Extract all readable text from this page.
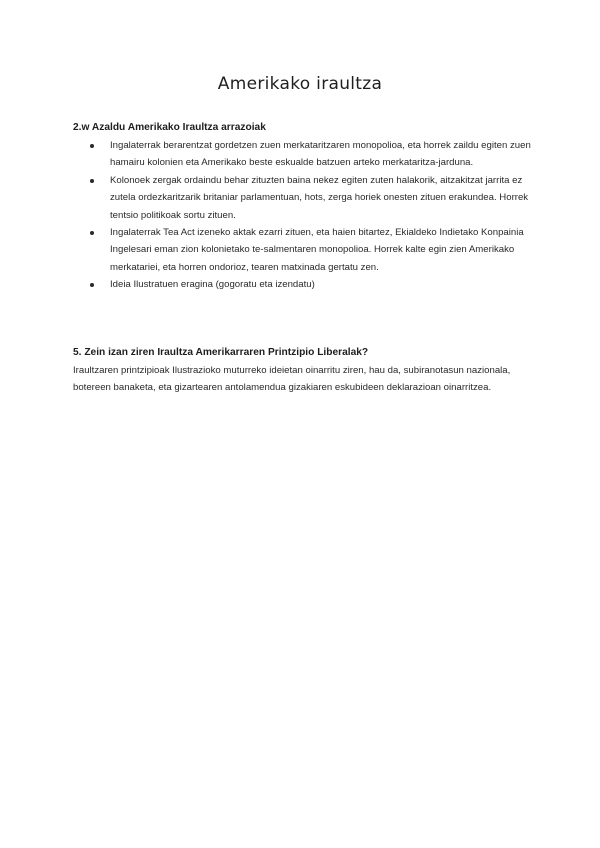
Amerikako iraultza
2.w Azaldu Amerikako Iraultza arrazoiak
Ingalaterrak berarentzat gordetzen zuen merkataritzaren monopolioa, eta horrek zaildu egiten zuen hamairu kolonien eta Amerikako beste eskualde batzuen arteko merkataritza-jarduna.
Kolonoek zergak ordaindu behar zituzten baina nekez egiten zuten halakorik, aitzakitzat jarrita ez zutela ordezkaritzarik britaniar parlamentuan, hots, zerga horiek onesten zituen erakundea. Horrek tentsio politikoak sortu zituen.
Ingalaterrak Tea Act izeneko aktak ezarri zituen, eta haien bitartez, Ekialdeko Indietako Konpainia Ingelesari eman zion kolonietako te-salmentaren monopolioa. Horrek kalte egin zien Amerikako merkatariei, eta horren ondorioz, tearen matxinada gertatu zen.
Ideia Ilustratuen eragina (gogoratu eta izendatu)
5. Zein izan ziren Iraultza Amerikarraren Printzipio Liberalak?

Iraultzaren printzipioak Ilustrazioko muturreko ideietan oinarritu ziren, hau da, subiranotasun nazionala, botereen banaketa, eta gizartearen antolamendua gizakiaren eskubideen deklarazioan oinarritzea.
